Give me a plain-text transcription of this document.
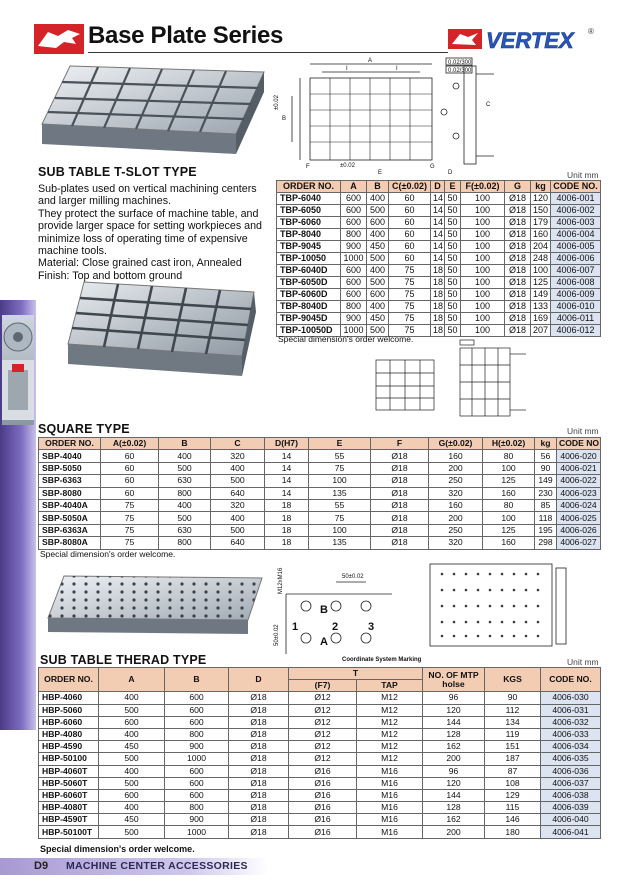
Base Plate Series	VERTEX ®
A
I	I
B
C
F
E
G
D
0.02/300
0.02/300
±0.02
±0.02
SUB TABLE T-SLOT TYPE

Sub-plates used on vertical machining centers and larger milling machines.

They protect the surface of machine table, and provide larger space for setting workpieces and minimize loss of operating time of expensive machine tools.

Material: Close grained cast iron, Annealed

Finish: Top and bottom ground

Unit mm
ORDER NO.	A	B	C(±0.02)	D	E	F(±0.02)	G	kg	CODE NO.
TBP-6040	600	400	60	14	50	100	Ø18	120	4006-001
TBP-6050	600	500	60	14	50	100	Ø18	150	4006-002
TBP-6060	600	600	60	14	50	100	Ø18	179	4006-003
TBP-8040	800	400	60	14	50	100	Ø18	160	4006-004
TBP-9045	900	450	60	14	50	100	Ø18	204	4006-005
TBP-10050	1000	500	60	14	50	100	Ø18	248	4006-006
TBP-6040D	600	400	75	18	50	100	Ø18	100	4006-007
TBP-6050D	600	500	75	18	50	100	Ø18	125	4006-008
TBP-6060D	600	600	75	18	50	100	Ø18	149	4006-009
TBP-8040D	800	400	75	18	50	100	Ø18	133	4006-010
TBP-9045D	900	450	75	18	50	100	Ø18	169	4006-011
TBP-10050D	1000	500	75	18	50	100	Ø18	207	4006-012
Special dimension's order welcome.
SQUARE TYPE	Unit mm
ORDER NO.	A(±0.02)	B	C	D(H7)	E	F	G(±0.02)	H(±0.02)	kg	CODE NO
SBP-4040	60	400	320	14	55	Ø18	160	80	56	4006-020
SBP-5050	60	500	400	14	75	Ø18	200	100	90	4006-021
SBP-6363	60	630	500	14	100	Ø18	250	125	149	4006-022
SBP-8080	60	800	640	14	135	Ø18	320	160	230	4006-023
SBP-4040A	75	400	320	18	55	Ø18	160	80	85	4006-024
SBP-5050A	75	500	400	18	75	Ø18	200	100	118	4006-025
SBP-6363A	75	630	500	18	100	Ø18	250	125	195	4006-026
SBP-8080A	75	800	640	18	135	Ø18	320	160	298	4006-027
Special dimension's order welcome.
50±0.02
M12xM16
50±0.02
B
A
1	2	3
Coordinate System Marking
SUB TABLE THERAD TYPE	Unit mm
ORDER NO.	A	B	D	T		NO. OF MTP holse	KGS	CODE NO.
				(F7)	TAP			
HBP-4060	400	600	Ø18	Ø12	M12	96	90	4006-030
HBP-5060	500	600	Ø18	Ø12	M12	120	112	4006-031
HBP-6060	600	600	Ø18	Ø12	M12	144	134	4006-032
HBP-4080	400	800	Ø18	Ø12	M12	128	119	4006-033
HBP-4590	450	900	Ø18	Ø12	M12	162	151	4006-034
HBP-50100	500	1000	Ø18	Ø12	M12	200	187	4006-035
HBP-4060T	400	600	Ø18	Ø16	M16	96	87	4006-036
HBP-5060T	500	600	Ø18	Ø16	M16	120	108	4006-037
HBP-6060T	600	600	Ø18	Ø16	M16	144	129	4006-038
HBP-4080T	400	800	Ø18	Ø16	M16	128	115	4006-039
HBP-4590T	450	900	Ø18	Ø16	M16	162	146	4006-040
HBP-50100T	500	1000	Ø18	Ø16	M16	200	180	4006-041
Special dimension's order welcome.
D9 MACHINE CENTER ACCESSORIES
